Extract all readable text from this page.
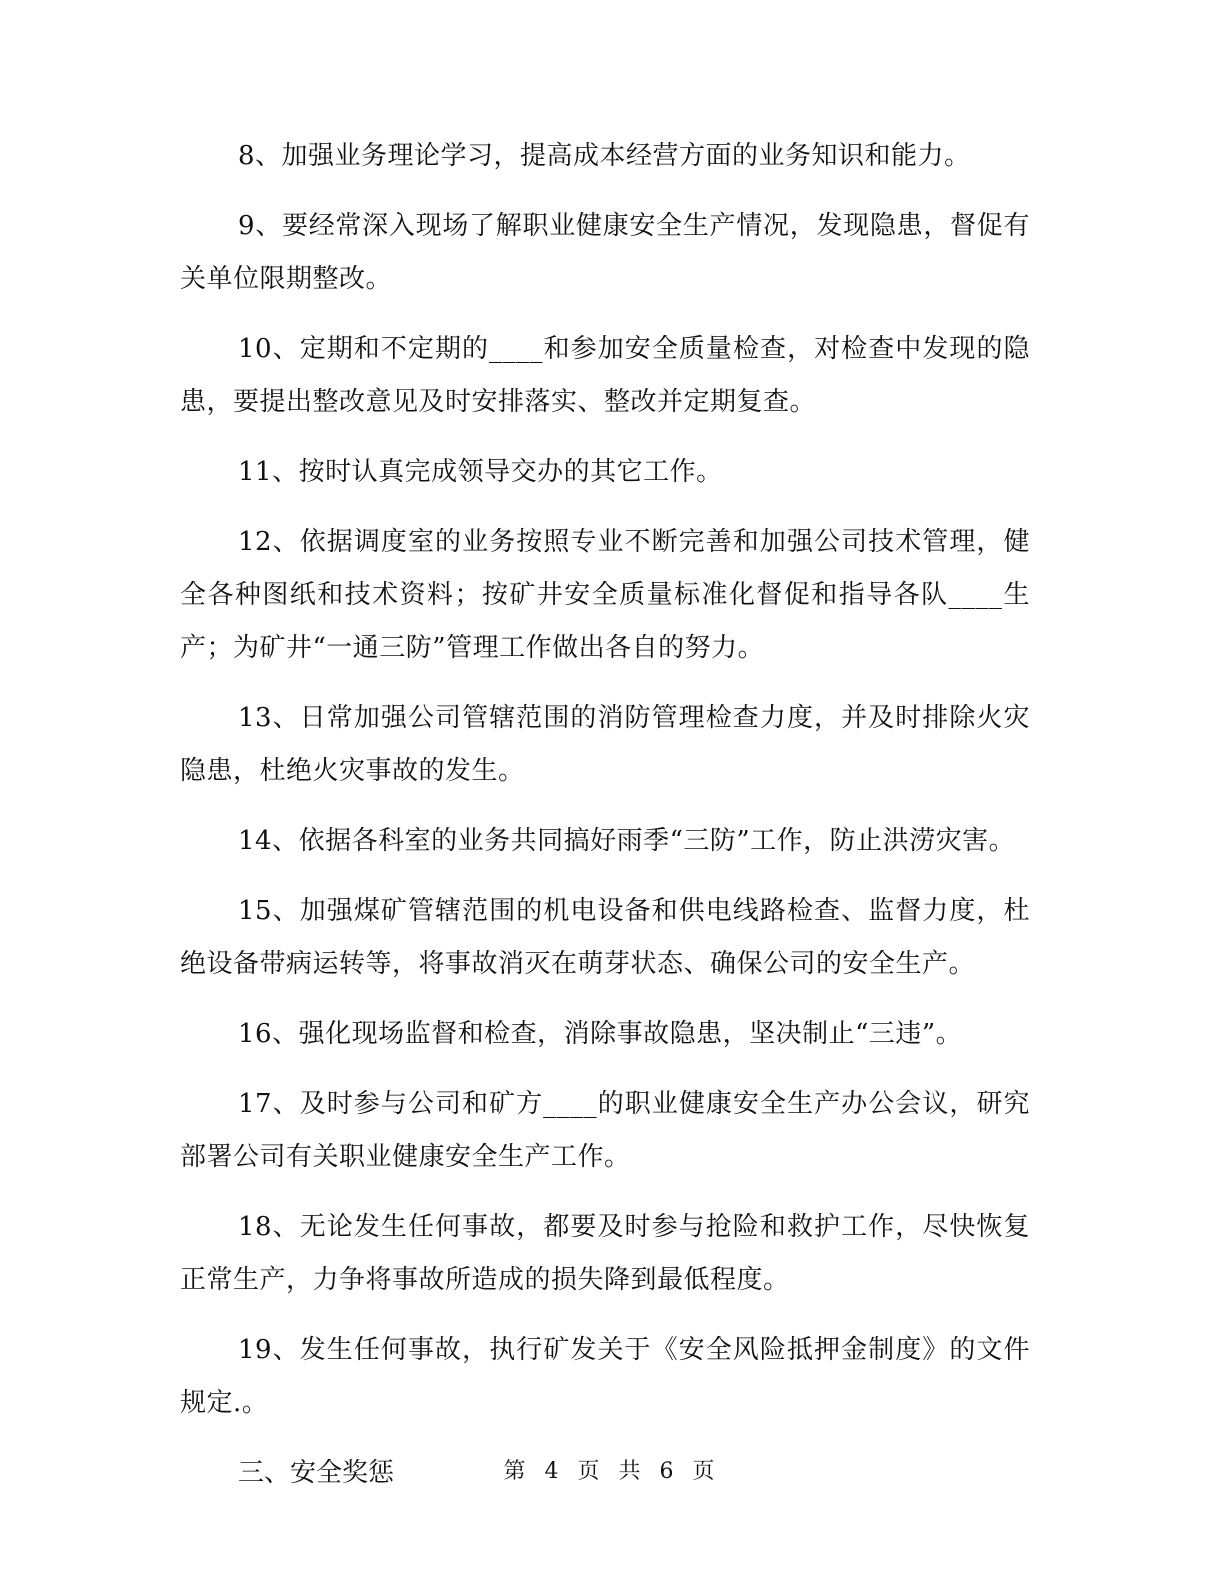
8、加强业务理论学习，提高成本经营方面的业务知识和能力。

9、要经常深入现场了解职业健康安全生产情况，发现隐患，督促有关单位限期整改。

10、定期和不定期的____和参加安全质量检查，对检查中发现的隐患，要提出整改意见及时安排落实、整改并定期复查。

11、按时认真完成领导交办的其它工作。

12、依据调度室的业务按照专业不断完善和加强公司技术管理，健全各种图纸和技术资料；按矿井安全质量标准化督促和指导各队____生产；为矿井“一通三防”管理工作做出各自的努力。

13、日常加强公司管辖范围的消防管理检查力度，并及时排除火灾隐患，杜绝火灾事故的发生。

14、依据各科室的业务共同搞好雨季“三防”工作，防止洪涝灾害。

15、加强煤矿管辖范围的机电设备和供电线路检查、监督力度，杜绝设备带病运转等，将事故消灭在萌芽状态、确保公司的安全生产。

16、强化现场监督和检查，消除事故隐患，坚决制止“三违”。

17、及时参与公司和矿方____的职业健康安全生产办公会议，研究部署公司有关职业健康安全生产工作。

18、无论发生任何事故，都要及时参与抢险和救护工作，尽快恢复正常生产，力争将事故所造成的损失降到最低程度。

19、发生任何事故，执行矿发关于《安全风险抵押金制度》的文件规定.。

三、安全奖惩	第 4 页 共 6 页
